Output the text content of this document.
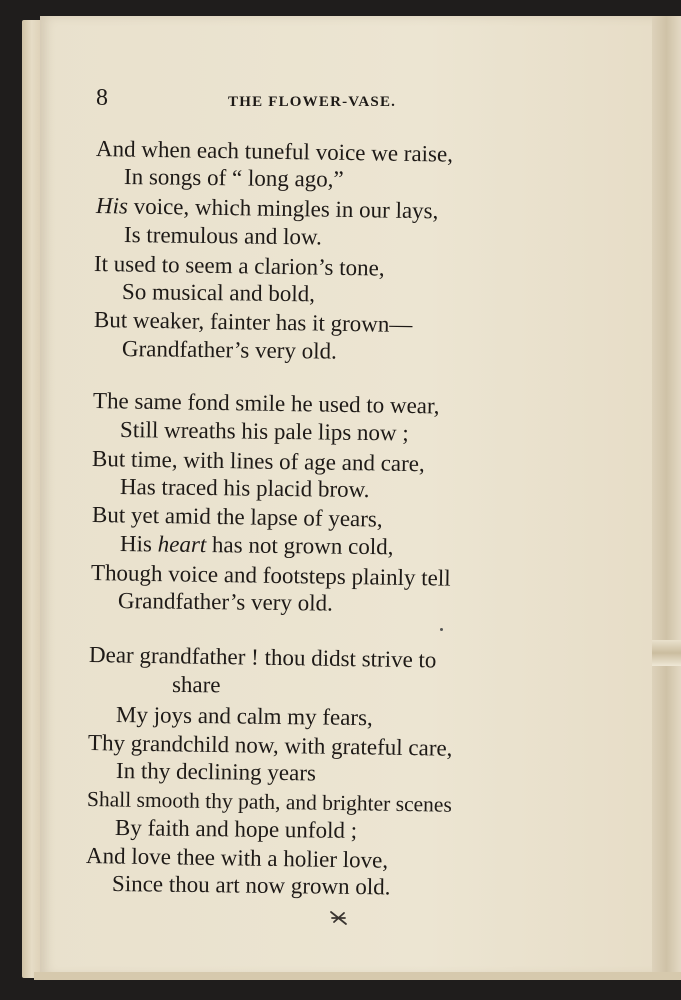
8	THE FLOWER-VASE.
And when each tuneful voice we raise,
In songs of “ long ago,”
His voice, which mingles in our lays,
Is tremulous and low.
It used to seem a clarion’s tone,
So musical and bold,
But weaker, fainter has it grown—
Grandfather’s very old.
The same fond smile he used to wear,
Still wreaths his pale lips now ;
But time, with lines of age and care,
Has traced his placid brow.
But yet amid the lapse of years,
His heart has not grown cold,
Though voice and footsteps plainly tell
Grandfather’s very old.
Dear grandfather ! thou didst strive to
share
My joys and calm my fears,
Thy grandchild now, with grateful care,
In thy declining years
Shall smooth thy path, and brighter scenes
By faith and hope unfold ;
And love thee with a holier love,
Since thou art now grown old.
